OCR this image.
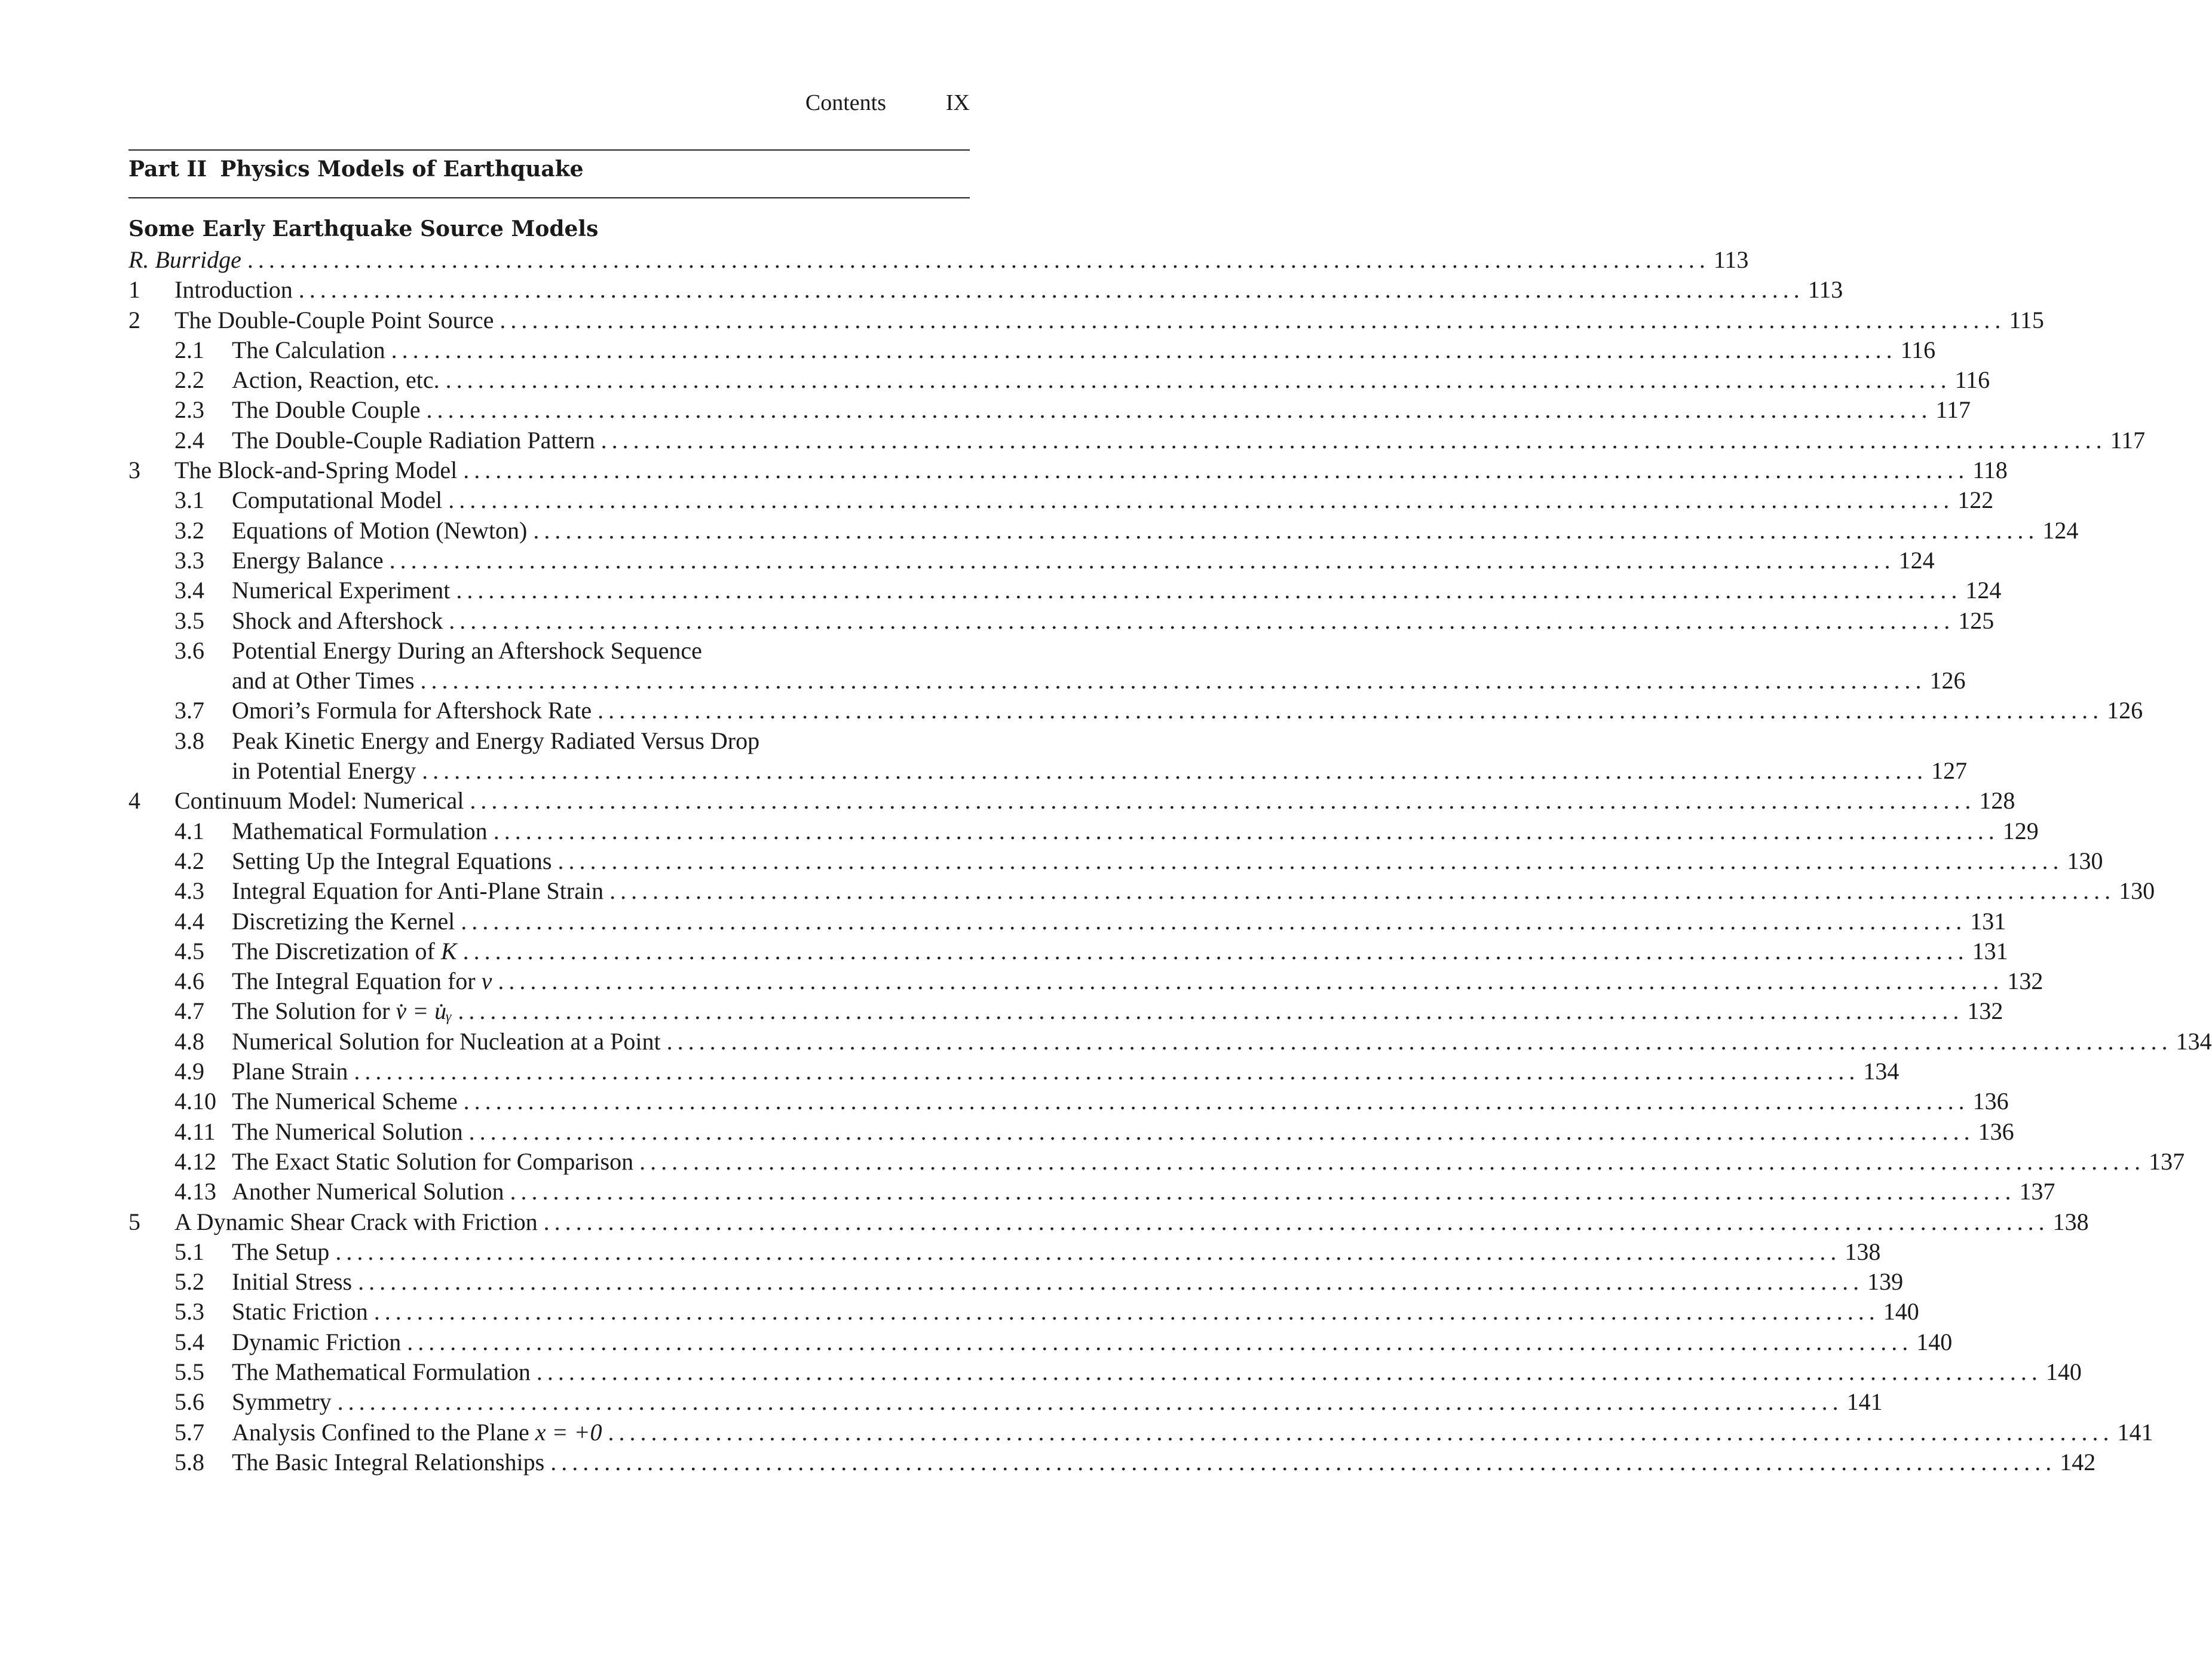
Contents	IX
Part II Physics Models of Earthquake
Some Early Earthquake Source Models
R. Burridge ........................................................................................................................................ 113
1	Introduction ............................................................................................................................................ 113
2	The Double-Couple Point Source ............................................................................................................................................ 115
2.1	The Calculation ............................................................................................................................................ 116
2.2	Action, Reaction, etc. ............................................................................................................................................ 116
2.3	The Double Couple ............................................................................................................................................ 117
2.4	The Double-Couple Radiation Pattern ............................................................................................................................................ 117
3	The Block-and-Spring Model ............................................................................................................................................ 118
3.1	Computational Model ............................................................................................................................................ 122
3.2	Equations of Motion (Newton) ............................................................................................................................................ 124
3.3	Energy Balance ............................................................................................................................................ 124
3.4	Numerical Experiment ............................................................................................................................................ 124
3.5	Shock and Aftershock ............................................................................................................................................ 125
3.6	Potential Energy During an Aftershock Sequence
and at Other Times ............................................................................................................................................ 126
3.7	Omori’s Formula for Aftershock Rate ............................................................................................................................................ 126
3.8	Peak Kinetic Energy and Energy Radiated Versus Drop
in Potential Energy ............................................................................................................................................ 127
4	Continuum Model: Numerical ............................................................................................................................................ 128
4.1	Mathematical Formulation ............................................................................................................................................ 129
4.2	Setting Up the Integral Equations ............................................................................................................................................ 130
4.3	Integral Equation for Anti-Plane Strain ............................................................................................................................................ 130
4.4	Discretizing the Kernel ............................................................................................................................................ 131
4.5	The Discretization of K ............................................................................................................................................ 131
4.6	The Integral Equation for v ............................................................................................................................................ 132
4.7	The Solution for v̇ = u̇ᵧ ............................................................................................................................................ 132
4.8	Numerical Solution for Nucleation at a Point ............................................................................................................................................ 134
4.9	Plane Strain ............................................................................................................................................ 134
4.10 The Numerical Scheme ............................................................................................................................................ 136
4.11 The Numerical Solution ............................................................................................................................................ 136
4.12 The Exact Static Solution for Comparison ............................................................................................................................................ 137
4.13 Another Numerical Solution ............................................................................................................................................ 137
5	A Dynamic Shear Crack with Friction ............................................................................................................................................ 138
5.1	The Setup ............................................................................................................................................ 138
5.2	Initial Stress ............................................................................................................................................ 139
5.3	Static Friction ............................................................................................................................................ 140
5.4	Dynamic Friction ............................................................................................................................................ 140
5.5	The Mathematical Formulation ............................................................................................................................................ 140
5.6	Symmetry ............................................................................................................................................ 141
5.7	Analysis Confined to the Plane x = +0 ............................................................................................................................................ 141
5.8	The Basic Integral Relationships ............................................................................................................................................ 142
